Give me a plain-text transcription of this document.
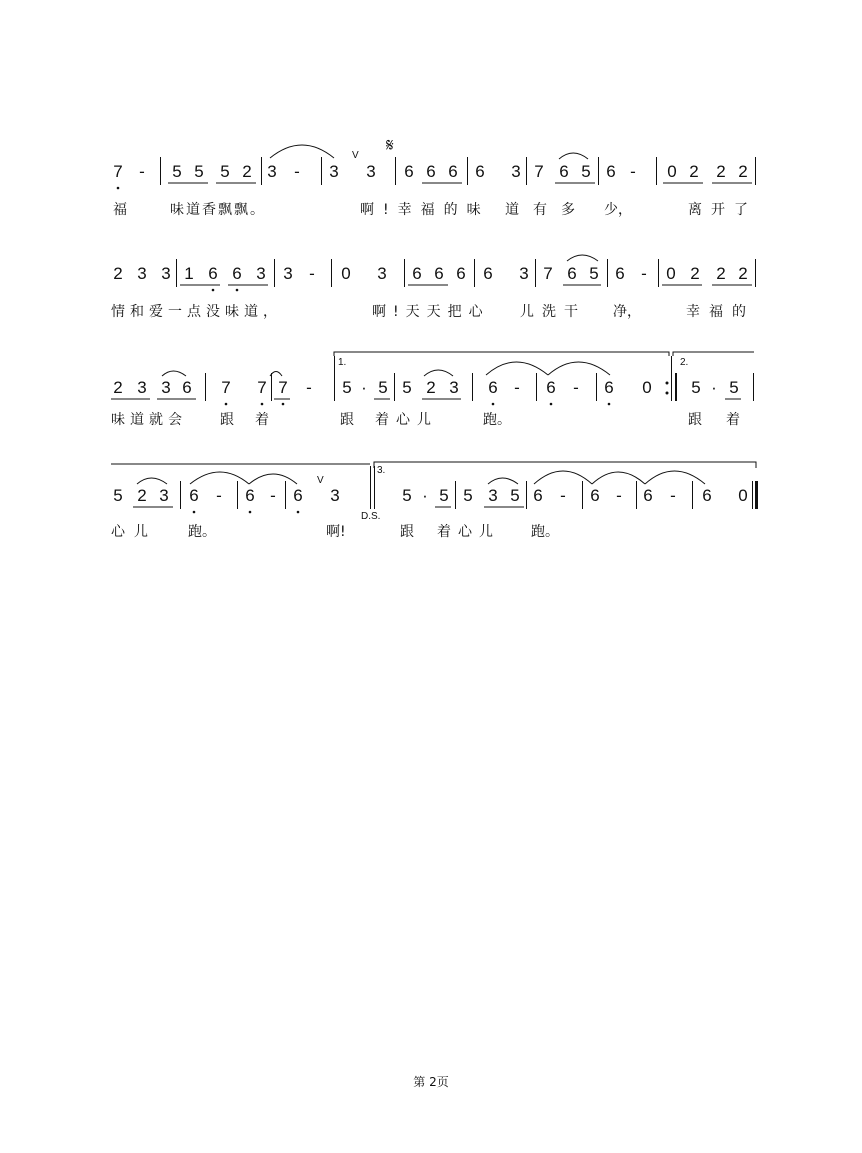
7 - 5 5 5 2 3 - 3
V
3
𝄋
6 6 6 6 3 7 6 5 6 - 0 2 2 2
福	味道香飘飘。	啊!幸福的味 道有多 少，	离开了
2 3 3 1 6 6 3 3 - 0 3 6 6 6 6 3 7 6 5 6 - 0 2 2 2
情和爱一点没味道，	啊!天天把心 儿洗干 净，	幸福的
2 3 3 6 7 7 7 - 5 · 5 5 2 3 6 - 6 - 6 0 5 · 5
1.	2.
味道就会 跟 着	跟 着心儿	跑。	跟 着
5 2 3 6 - 6 - 6
V
3	5 · 5 5 3 5 6 - 6 - 6 - 6 0
3.
D.S.
心儿 跑。	啊!	跟 着心儿 跑。
第 2页
